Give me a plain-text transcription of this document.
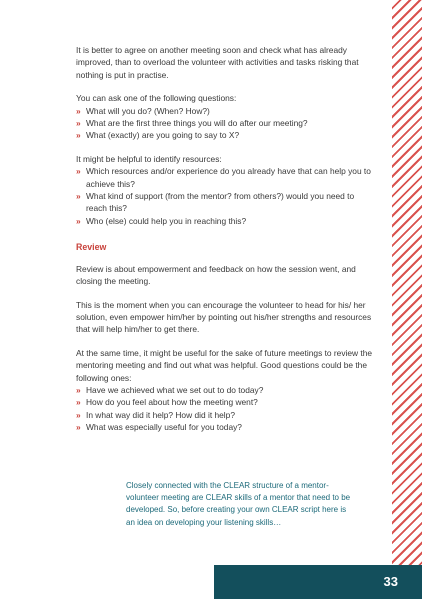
It is better to agree on another meeting soon and check what has already improved, than to overload the volunteer with activities and tasks risking that nothing is put in practise.

You can ask one of the following questions:

» What will you do? (When? How?)
» What are the first three things you will do after our meeting?
» What (exactly) are you going to say to X?

It might be helpful to identify resources:

» Which resources and/or experience do you already have that can help you to achieve this?
» What kind of support (from the mentor? from others?) would you need to reach this?
» Who (else) could help you in reaching this?
Review

Review is about empowerment and feedback on how the session went, and closing the meeting.

This is the moment when you can encourage the volunteer to head for his/ her solution, even empower him/her by pointing out his/her strengths and resources that will help him/her to get there.

At the same time, it might be useful for the sake of future meetings to review the mentoring meeting and find out what was helpful. Good questions could be the following ones:

» Have we achieved what we set out to do today?
» How do you feel about how the meeting went?
» In what way did it help? How did it help?
» What was especially useful for you today?
Closely connected with the CLEAR structure of a mentor-volunteer meeting are CLEAR skills of a mentor that need to be developed. So, before creating your own CLEAR script here is an idea on developing your listening skills…
33
